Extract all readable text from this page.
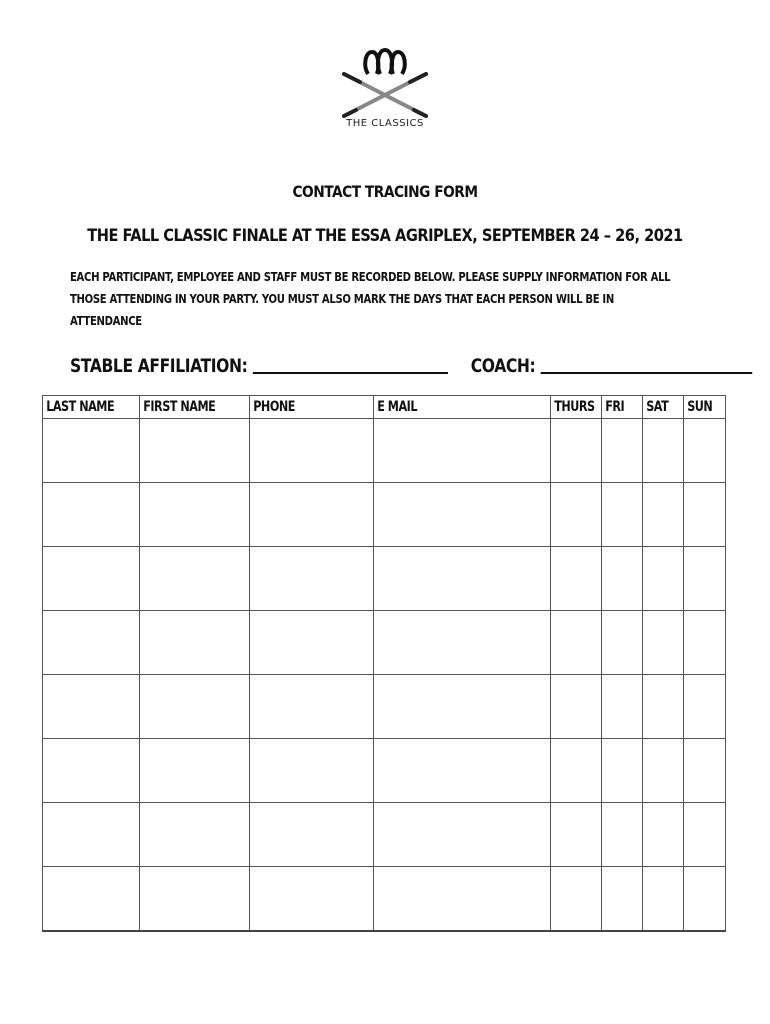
THE CLASSICS
CONTACT TRACING FORM
THE FALL CLASSIC FINALE AT THE ESSA AGRIPLEX, SEPTEMBER 24 – 26, 2021
EACH PARTICIPANT, EMPLOYEE AND STAFF MUST BE RECORDED BELOW. PLEASE SUPPLY INFORMATION FOR ALL
THOSE ATTENDING IN YOUR PARTY. YOU MUST ALSO MARK THE DAYS THAT EACH PERSON WILL BE IN ATTENDANCE
STABLE AFFILIATION:	COACH:
LAST NAME	FIRST NAME	PHONE	E MAIL	THURS	FRI	SAT	SUN
